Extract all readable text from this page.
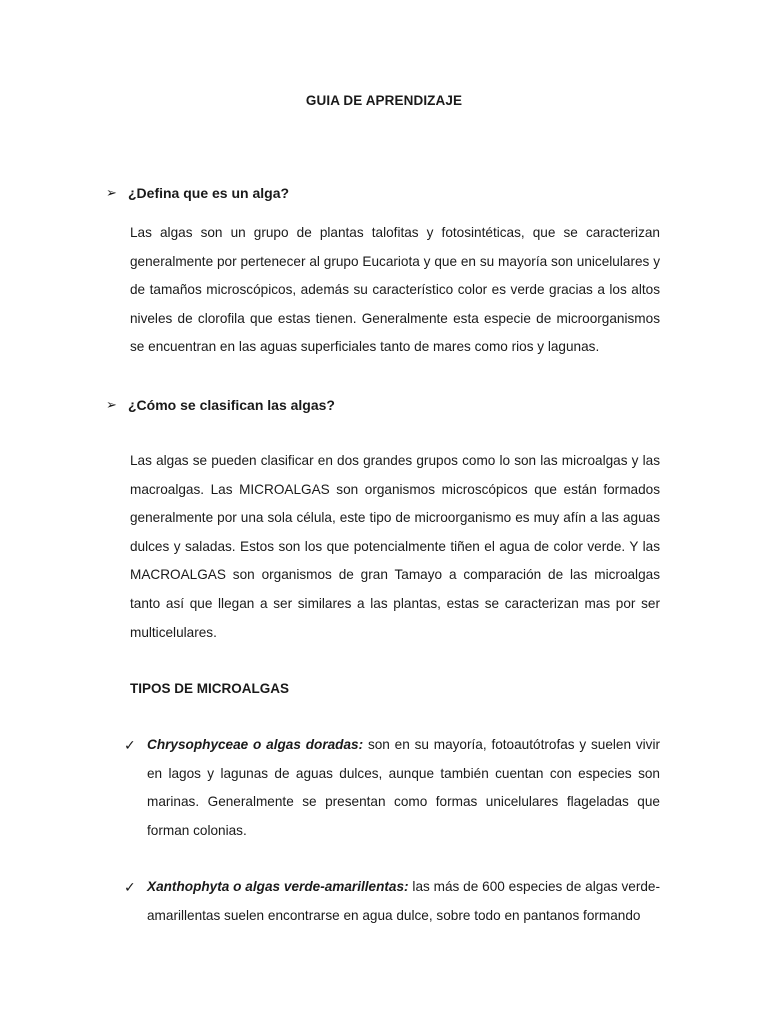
GUIA DE APRENDIZAJE
➢ ¿Defina que es un alga?
Las algas son un grupo de plantas talofitas y fotosintéticas, que se caracterizan generalmente por pertenecer al grupo Eucariota y que en su mayoría son unicelulares y de tamaños microscópicos, además su característico color es verde gracias a los altos niveles de clorofila que estas tienen. Generalmente esta especie de microorganismos se encuentran en las aguas superficiales tanto de mares como rios y lagunas.
➢ ¿Cómo se clasifican las algas?
Las algas se pueden clasificar en dos grandes grupos como lo son las microalgas y las macroalgas. Las MICROALGAS son organismos microscópicos que están formados generalmente por una sola célula, este tipo de microorganismo es muy afín a las aguas dulces y saladas. Estos son los que potencialmente tiñen el agua de color verde. Y las MACROALGAS son organismos de gran Tamayo a comparación de las microalgas tanto así que llegan a ser similares a las plantas, estas se caracterizan mas por ser multicelulares.
TIPOS DE MICROALGAS
✓ Chrysophyceae o algas doradas: son en su mayoría, fotoautótrofas y suelen vivir en lagos y lagunas de aguas dulces, aunque también cuentan con especies son marinas. Generalmente se presentan como formas unicelulares flageladas que forman colonias.
✓ Xanthophyta o algas verde-amarillentas: las más de 600 especies de algas verde-amarillentas suelen encontrarse en agua dulce, sobre todo en pantanos formando
